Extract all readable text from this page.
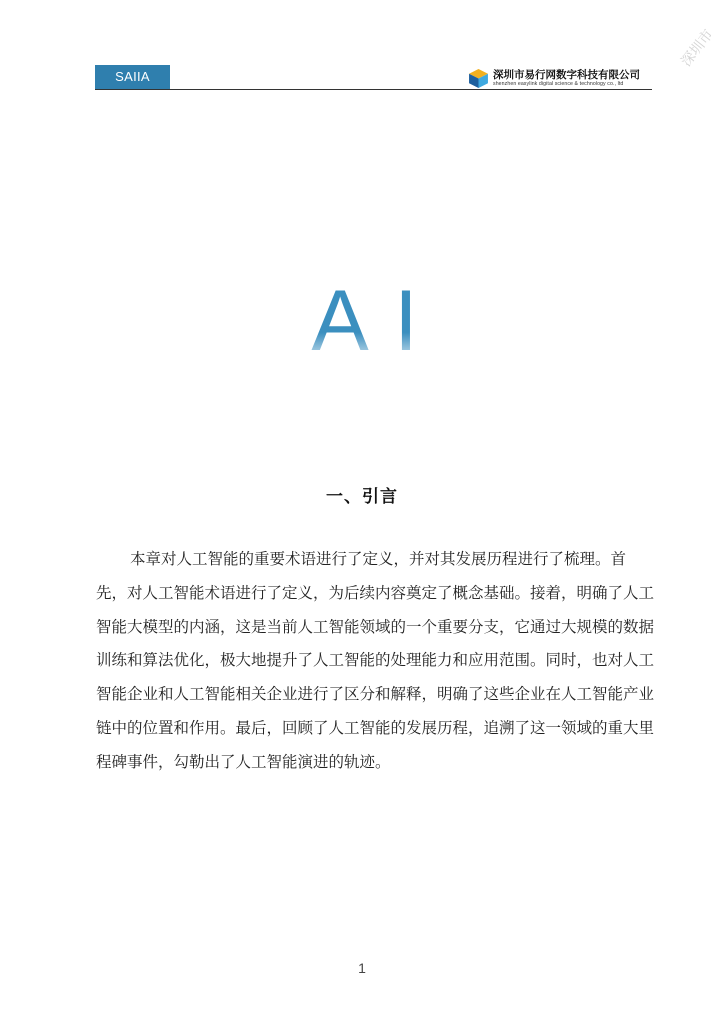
SAIIA	深圳市易行网数字科技有限公司
shenzhen easylink digital science & technology co., ltd
深圳市
A I
一、引言

本章对人工智能的重要术语进行了定义，并对其发展历程进行了梳理。首先，对人工智能术语进行了定义，为后续内容奠定了概念基础。接着，明确了人工智能大模型的内涵，这是当前人工智能领域的一个重要分支，它通过大规模的数据训练和算法优化，极大地提升了人工智能的处理能力和应用范围。同时，也对人工智能企业和人工智能相关企业进行了区分和解释，明确了这些企业在人工智能产业链中的位置和作用。最后，回顾了人工智能的发展历程，追溯了这一领域的重大里程碑事件，勾勒出了人工智能演进的轨迹。

1
